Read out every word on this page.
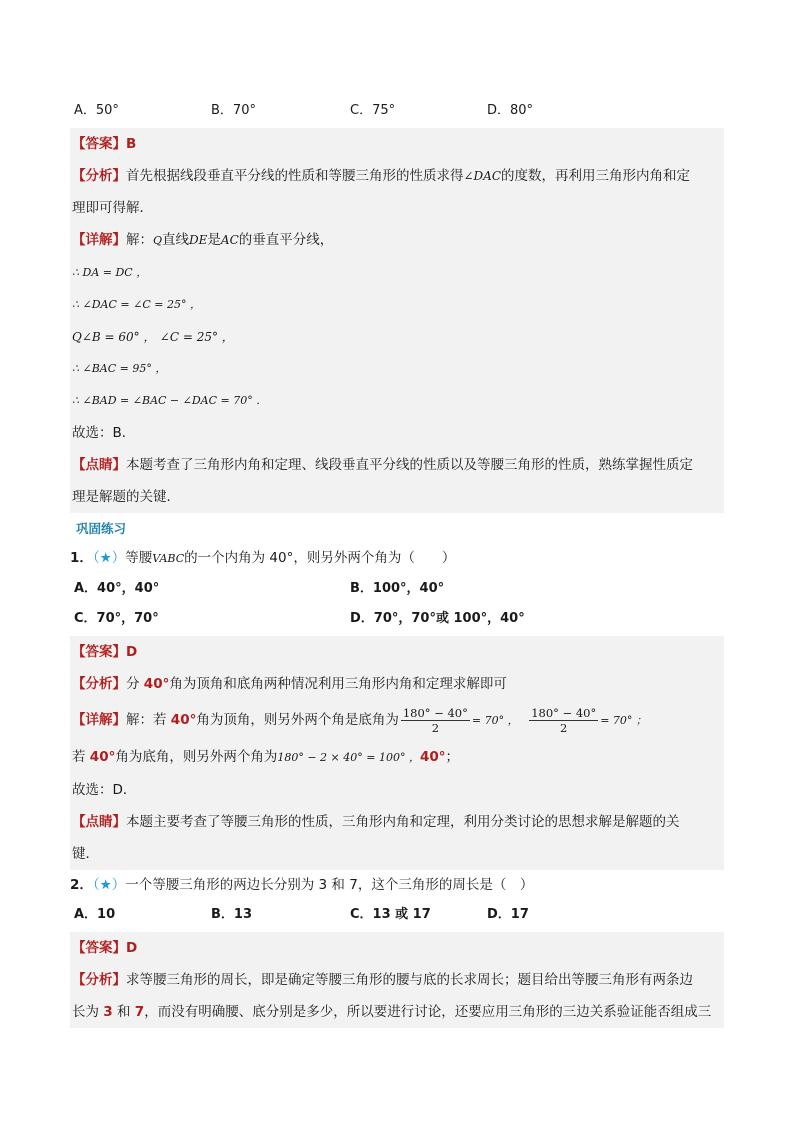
A．50°	B．70°	C．75°	D．80°
【答案】B
【分析】首先根据线段垂直平分线的性质和等腰三角形的性质求得∠DAC的度数，再利用三角形内角和定
理即可得解．
【详解】解：Q直线DE是AC的垂直平分线，
∴ DA = DC ，
∴ ∠DAC = ∠C = 25° ，
Q∠B = 60° ， ∠C = 25° ，
∴ ∠BAC = 95° ，
∴ ∠BAD = ∠BAC − ∠DAC = 70° ．
故选：B．
【点睛】本题考查了三角形内角和定理、线段垂直平分线的性质以及等腰三角形的性质，熟练掌握性质定
理是解题的关键．
巩固练习
1．（★）等腰VABC的一个内角为 40°，则另外两个角为（　　）
A．40°，40°	B．100°，40°
C．70°，70°	D．70°，70°或 100°，40°
【答案】D
【分析】分 40°角为顶角和底角两种情况利用三角形内角和定理求解即可
【详解】解：若 40°角为顶角，则另外两个角是底角为 $\frac{180^\circ - 40^\circ}{2} = 70^\circ$ ， $\frac{180^\circ - 40^\circ}{2} = 70^\circ$ ；
若 40°角为底角，则另外两个角为180° − 2 × 40° = 100° ，40°；
故选：D．
【点睛】本题主要考查了等腰三角形的性质，三角形内角和定理，利用分类讨论的思想求解是解题的关
键．
2．（★）一个等腰三角形的两边长分别为 3 和 7，这个三角形的周长是（　）
A．10	B．13	C．13 或 17	D．17
【答案】D
【分析】求等腰三角形的周长，即是确定等腰三角形的腰与底的长求周长；题目给出等腰三角形有两条边
长为 3 和 7，而没有明确腰、底分别是多少，所以要进行讨论，还要应用三角形的三边关系验证能否组成三
